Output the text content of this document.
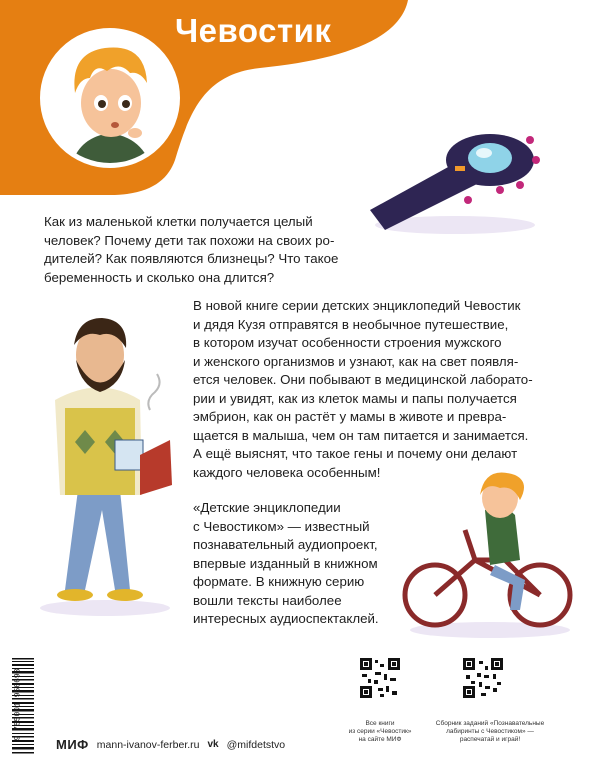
Чевостик
Как из маленькой клетки получается целый
человек? Почему дети так похожи на своих ро-
дителей? Как появляются близнецы? Что такое
беременность и сколько она длится?
В новой книге серии детских энциклопедий Чевостик
и дядя Кузя отправятся в необычное путешествие,
в котором изучат особенности строения мужского
и женского организмов и узнают, как на свет появля-
ется человек. Они побывают в медицинской лаборато-
рии и увидят, как из клеток мамы и папы получается
эмбрион, как он растёт у мамы в животе и превра-
щается в малыша, чем он там питается и занимается.
А ещё выяснят, что такое гены и почему они делают
каждого человека особенным!
«Детские энциклопедии
с Чевостиком» — известный
познавательный аудиопроект,
впервые изданный в книжном
формате. В книжную серию
вошли тексты наиболее
интересных аудиоспектаклей.
9 785001 956693	Все книги
из серии «Чевостик»
на сайте МИФ
Сборник заданий «Познавательные
лабиринты с Чевостиком» —
распечатай и играй!
МИФ mann-ivanov-ferber.ru vk @mifdetstvo
